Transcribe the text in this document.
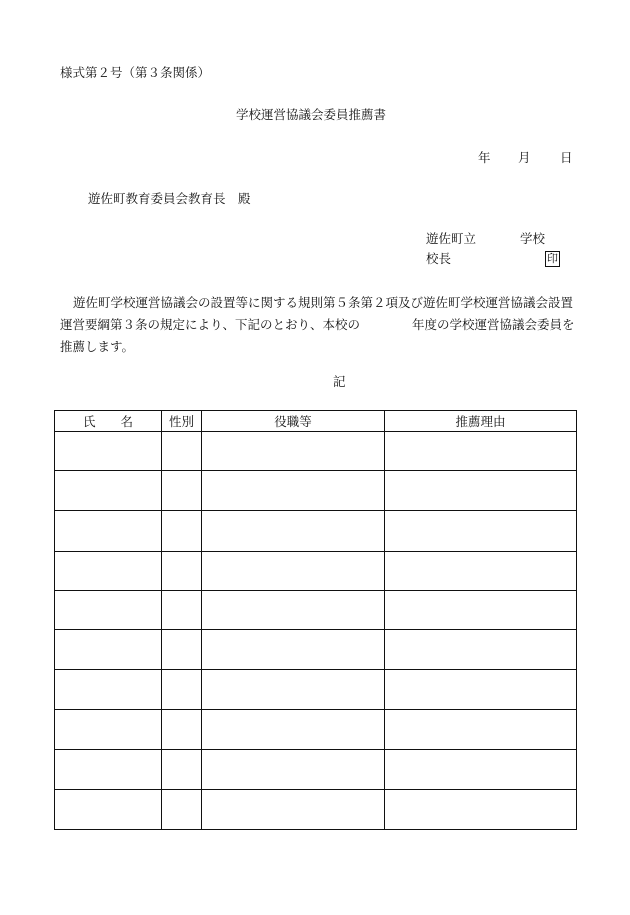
様式第２号（第３条関係）
学校運営協議会委員推薦書
年 月 日
遊佐町教育委員会教育長　殿
遊佐町立	学校
校長	印

遊佐町学校運営協議会の設置等に関する規則第５条第２項及び遊佐町学校運営協議会設置運営要綱第３条の規定により、下記のとおり、本校の	年度の学校運営協議会委員を推薦します。

記
氏　　名	性別	役職等	推薦理由
